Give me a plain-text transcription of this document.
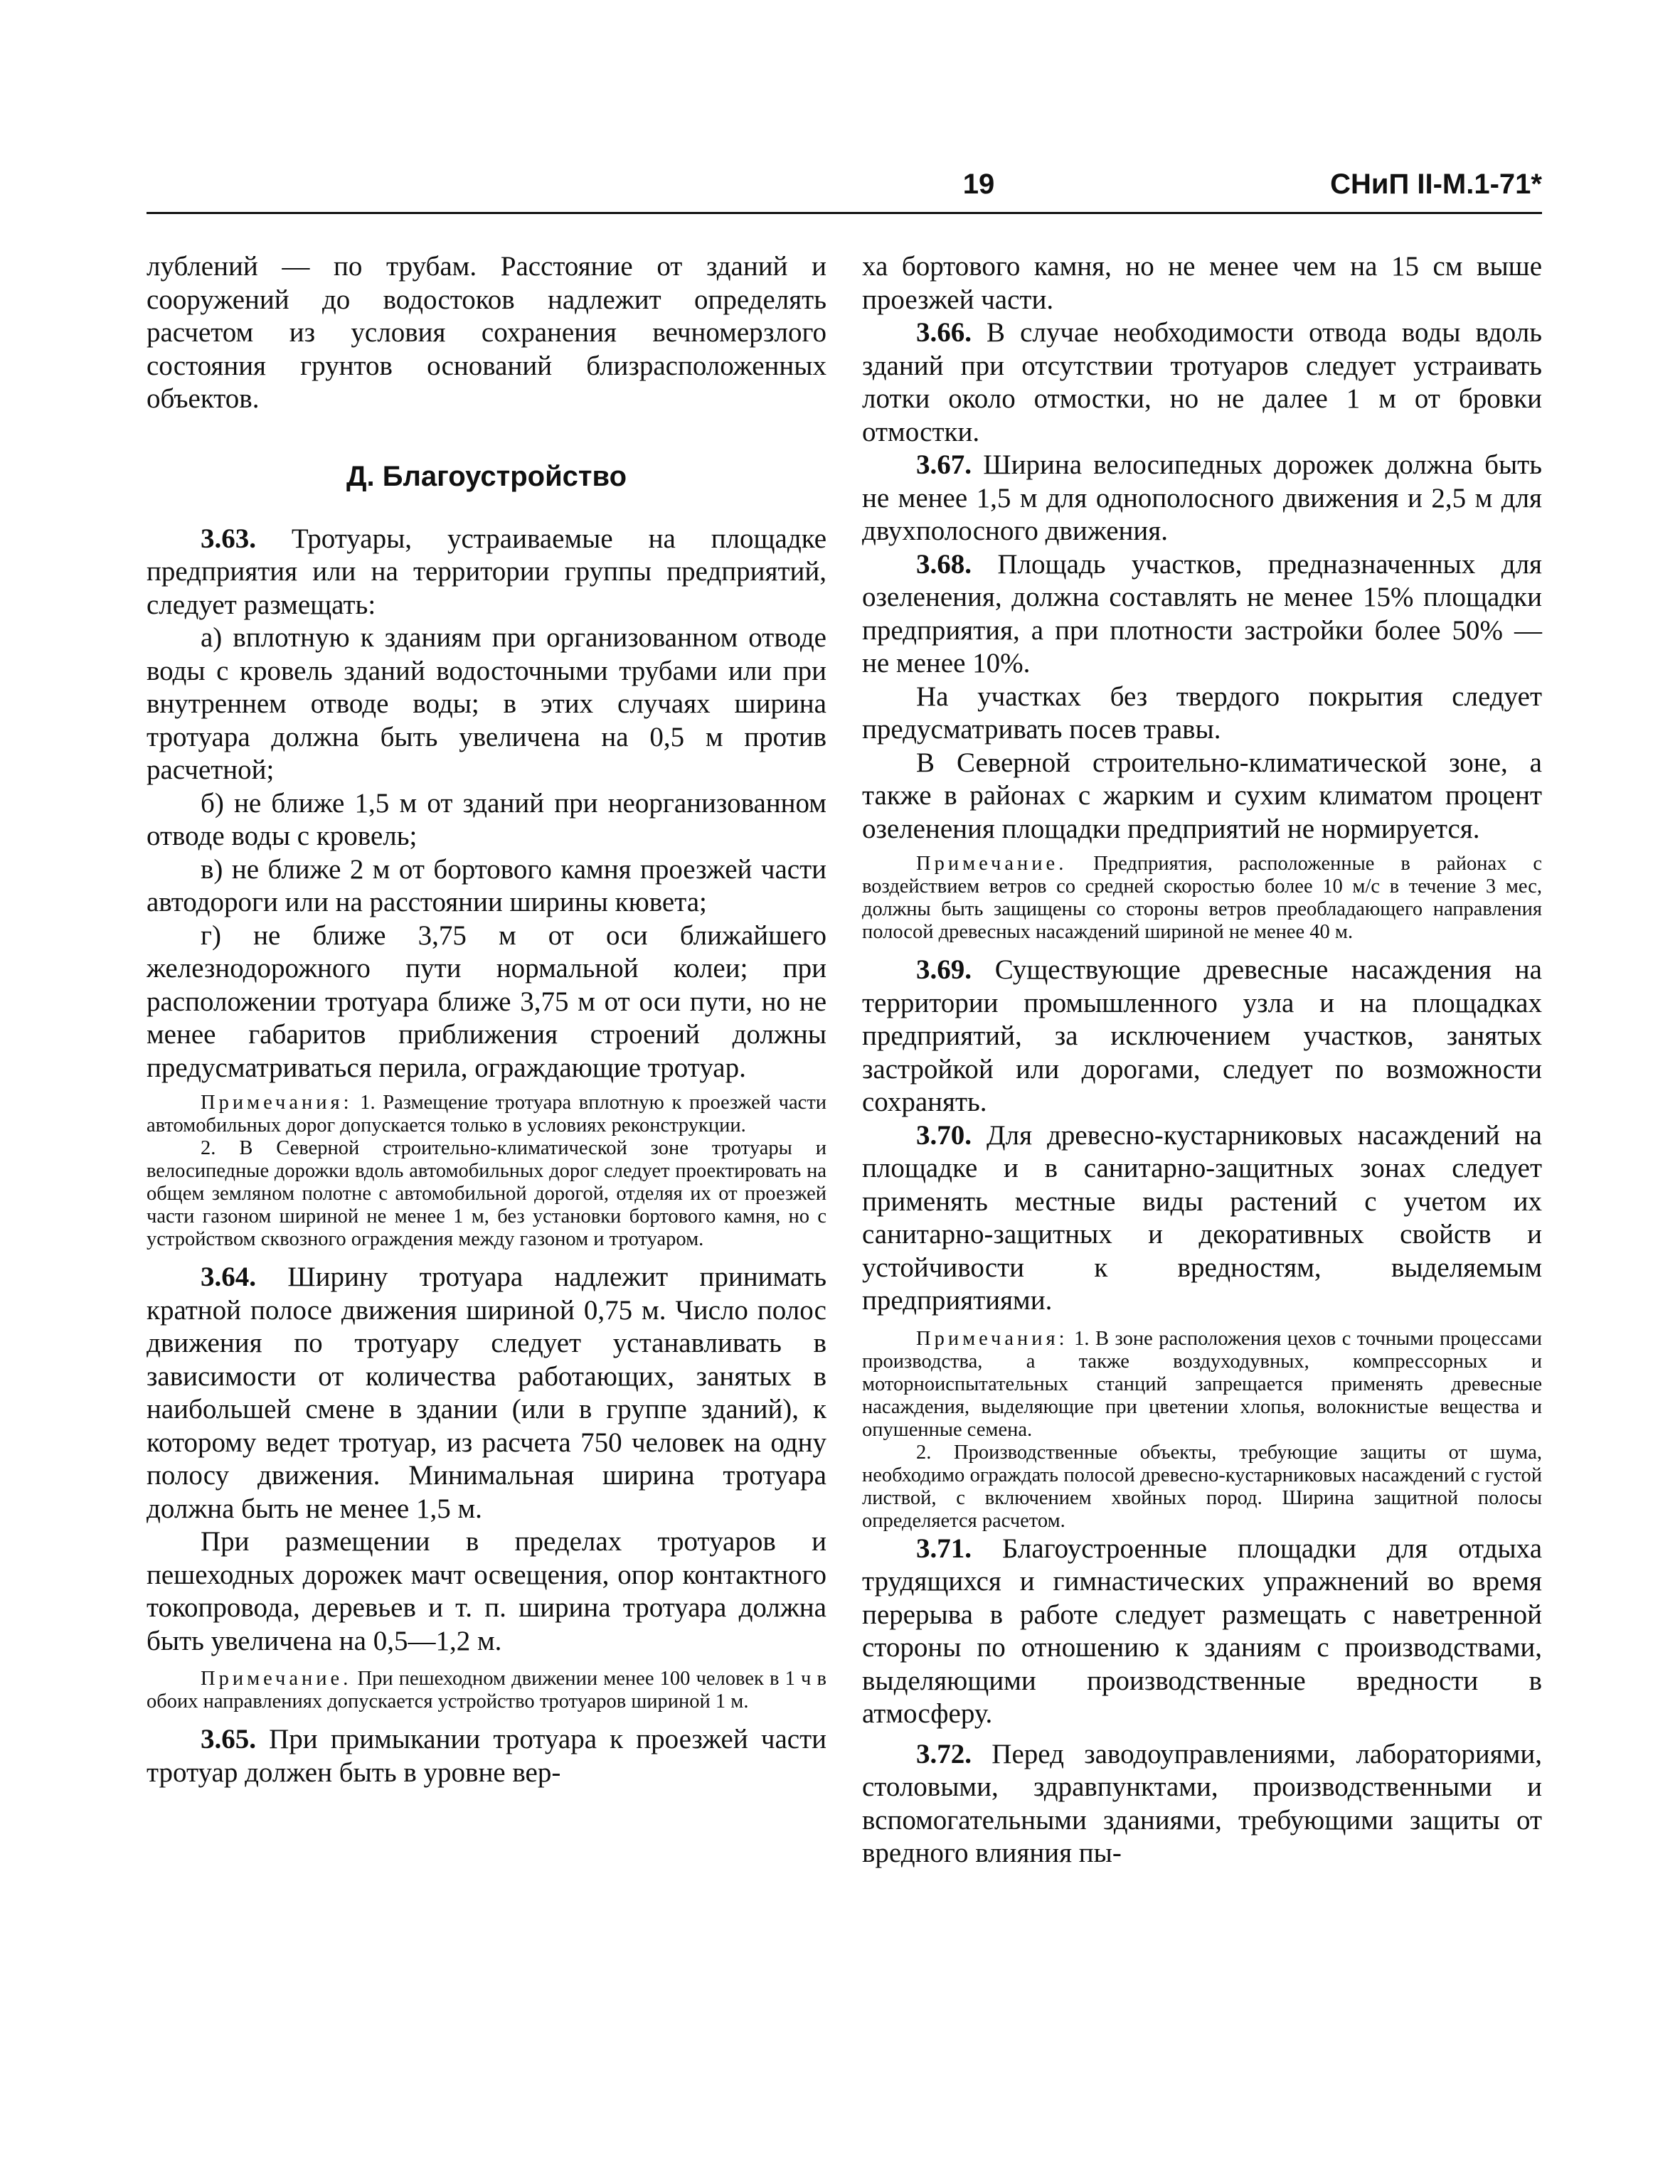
19	СНиП II-М.1-71*

лублений — по трубам. Расстояние от зданий и сооружений до водостоков надлежит определять расчетом из условия сохранения вечномерзлого состояния грунтов оснований близрасположенных объектов.

Д. Благоустройство

3.63. Тротуары, устраиваемые на площадке предприятия или на территории группы предприятий, следует размещать:

а) вплотную к зданиям при организованном отводе воды с кровель зданий водосточными трубами или при внутреннем отводе воды; в этих случаях ширина тротуара должна быть увеличена на 0,5 м против расчетной;

б) не ближе 1,5 м от зданий при неорганизованном отводе воды с кровель;

в) не ближе 2 м от бортового камня проезжей части автодороги или на расстоянии ширины кювета;

г) не ближе 3,75 м от оси ближайшего железнодорожного пути нормальной колеи; при расположении тротуара ближе 3,75 м от оси пути, но не менее габаритов приближения строений должны предусматриваться перила, ограждающие тротуар.

Примечания: 1. Размещение тротуара вплотную к проезжей части автомобильных дорог допускается только в условиях реконструкции.

2. В Северной строительно-климатической зоне тротуары и велосипедные дорожки вдоль автомобильных дорог следует проектировать на общем земляном полотне с автомобильной дорогой, отделяя их от проезжей части газоном шириной не менее 1 м, без установки бортового камня, но с устройством сквозного ограждения между газоном и тротуаром.

3.64. Ширину тротуара надлежит принимать кратной полосе движения шириной 0,75 м. Число полос движения по тротуару следует устанавливать в зависимости от количества работающих, занятых в наибольшей смене в здании (или в группе зданий), к которому ведет тротуар, из расчета 750 человек на одну полосу движения. Минимальная ширина тротуара должна быть не менее 1,5 м.

При размещении в пределах тротуаров и пешеходных дорожек мачт освещения, опор контактного токопровода, деревьев и т. п. ширина тротуара должна быть увеличена на 0,5—1,2 м.

Примечание. При пешеходном движении менее 100 человек в 1 ч в обоих направлениях допускается устройство тротуаров шириной 1 м.

3.65. При примыкании тротуара к проезжей части тротуар должен быть в уровне вер-

ха бортового камня, но не менее чем на 15 см выше проезжей части.

3.66. В случае необходимости отвода воды вдоль зданий при отсутствии тротуаров следует устраивать лотки около отмостки, но не далее 1 м от бровки отмостки.

3.67. Ширина велосипедных дорожек должна быть не менее 1,5 м для однополосного движения и 2,5 м для двухполосного движения.

3.68. Площадь участков, предназначенных для озеленения, должна составлять не менее 15% площадки предприятия, а при плотности застройки более 50% — не менее 10%.

На участках без твердого покрытия следует предусматривать посев травы.

В Северной строительно-климатической зоне, а также в районах с жарким и сухим климатом процент озеленения площадки предприятий не нормируется.

Примечание. Предприятия, расположенные в районах с воздействием ветров со средней скоростью более 10 м/с в течение 3 мес, должны быть защищены со стороны ветров преобладающего направления полосой древесных насаждений шириной не менее 40 м.

3.69. Существующие древесные насаждения на территории промышленного узла и на площадках предприятий, за исключением участков, занятых застройкой или дорогами, следует по возможности сохранять.

3.70. Для древесно-кустарниковых насаждений на площадке и в санитарно-защитных зонах следует применять местные виды растений с учетом их санитарно-защитных и декоративных свойств и устойчивости к вредностям, выделяемым предприятиями.

Примечания: 1. В зоне расположения цехов с точными процессами производства, а также воздуходувных, компрессорных и моторноиспытательных станций запрещается применять древесные насаждения, выделяющие при цветении хлопья, волокнистые вещества и опушенные семена.

2. Производственные объекты, требующие защиты от шума, необходимо ограждать полосой древесно-кустарниковых насаждений с густой листвой, с включением хвойных пород. Ширина защитной полосы определяется расчетом.

3.71. Благоустроенные площадки для отдыха трудящихся и гимнастических упражнений во время перерыва в работе следует размещать с наветренной стороны по отношению к зданиям с производствами, выделяющими производственные вредности в атмосферу.

3.72. Перед заводоуправлениями, лабораториями, столовыми, здравпунктами, производственными и вспомогательными зданиями, требующими защиты от вредного влияния пы-
